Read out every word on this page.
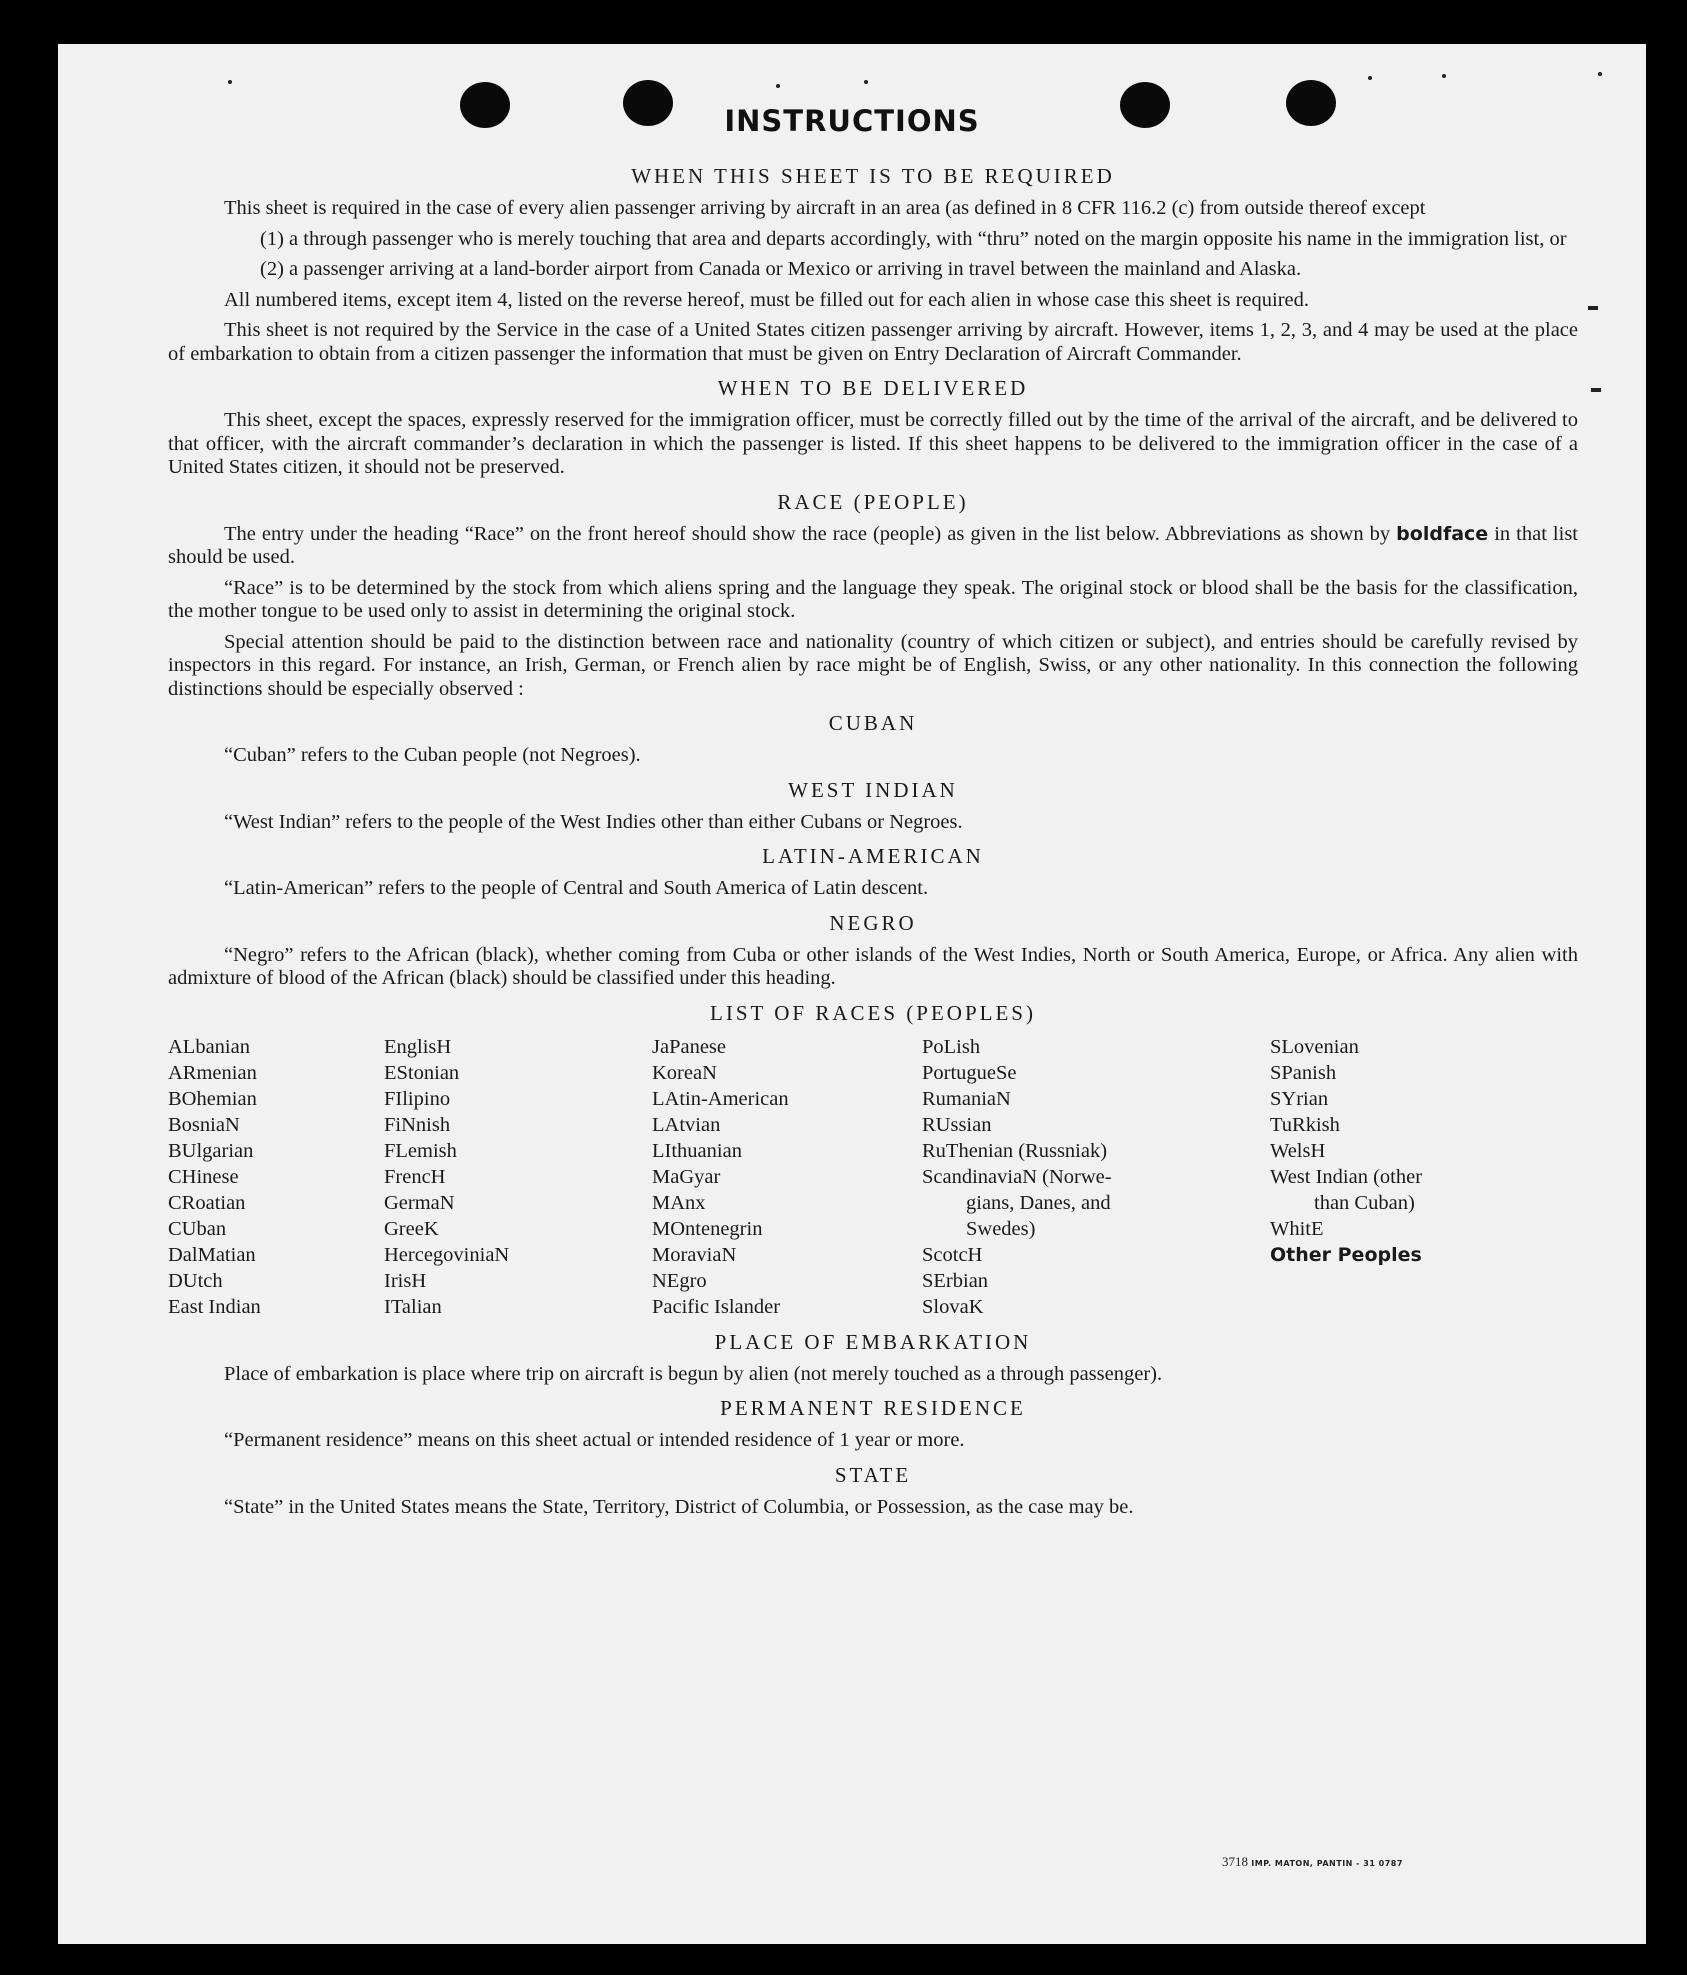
INSTRUCTIONS
WHEN THIS SHEET IS TO BE REQUIRED

This sheet is required in the case of every alien passenger arriving by aircraft in an area (as defined in 8 CFR 116.2 (c) from outside thereof except

(1) a through passenger who is merely touching that area and departs accordingly, with “thru” noted on the margin opposite his name in the immigration list, or

(2) a passenger arriving at a land-border airport from Canada or Mexico or arriving in travel between the mainland and Alaska.

All numbered items, except item 4, listed on the reverse hereof, must be filled out for each alien in whose case this sheet is required.

This sheet is not required by the Service in the case of a United States citizen passenger arriving by aircraft. However, items 1, 2, 3, and 4 may be used at the place of embarkation to obtain from a citizen passenger the information that must be given on Entry Declaration of Aircraft Commander.

WHEN TO BE DELIVERED

This sheet, except the spaces, expressly reserved for the immigration officer, must be correctly filled out by the time of the arrival of the aircraft, and be delivered to that officer, with the aircraft commander’s declaration in which the passenger is listed. If this sheet happens to be delivered to the immigration officer in the case of a United States citizen, it should not be preserved.

RACE (PEOPLE)

The entry under the heading “Race” on the front hereof should show the race (people) as given in the list below. Abbreviations as shown by boldface in that list should be used.

“Race” is to be determined by the stock from which aliens spring and the language they speak. The original stock or blood shall be the basis for the classification, the mother tongue to be used only to assist in determining the original stock.

Special attention should be paid to the distinction between race and nationality (country of which citizen or subject), and entries should be carefully revised by inspectors in this regard. For instance, an Irish, German, or French alien by race might be of English, Swiss, or any other nationality. In this connection the following distinctions should be especially observed :

CUBAN

“Cuban” refers to the Cuban people (not Negroes).

WEST INDIAN

“West Indian” refers to the people of the West Indies other than either Cubans or Negroes.

LATIN-AMERICAN

“Latin-American” refers to the people of Central and South America of Latin descent.

NEGRO

“Negro” refers to the African (black), whether coming from Cuba or other islands of the West Indies, North or South America, Europe, or Africa. Any alien with admixture of blood of the African (black) should be classified under this heading.

LIST OF RACES (PEOPLES)
ALbanian
ARmenian
BOhemian
BosniaN
BUlgarian
CHinese
CRoatian
CUban
DalMatian
DUtch
East Indian
EnglisH
EStonian
FIlipino
FiNnish
FLemish
FrencH
GermaN
GreeK
HercegoviniaN
IrisH
ITalian
JaPanese
KoreaN
LAtin-American
LAtvian
LIthuanian
MaGyar
MAnx
MOntenegrin
MoraviaN
NEgro
Pacific Islander
PoLish
PortugueSe
RumaniaN
RUssian
RuThenian (Russniak)
ScandinaviaN (Norwe-
gians, Danes, and
Swedes)
ScotcH
SErbian
SlovaK
SLovenian
SPanish
SYrian
TuRkish
WelsH
West Indian (other
than Cuban)
WhitE
Other Peoples
PLACE OF EMBARKATION

Place of embarkation is place where trip on aircraft is begun by alien (not merely touched as a through passenger).

PERMANENT RESIDENCE

“Permanent residence” means on this sheet actual or intended residence of 1 year or more.

STATE

“State” in the United States means the State, Territory, District of Columbia, or Possession, as the case may be.

3718 IMP. MATON, PANTIN - 31 0787
